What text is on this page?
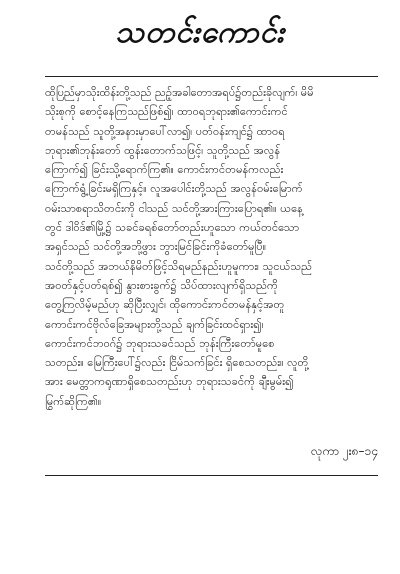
သတင်းကောင်း
ထိုပြည်မှာသိုးထိန်းတို့သည် ညဉ့်အခါတောအရပ်၌တည်းခိုလျက်၊ မိမိ
သိုးစုကို စောင့်နေကြသည်ဖြစ်၍၊ ထာဝရဘုရား၏ကောင်းကင်
တမန်သည် သူတို့အနားမှာပေါ်လာ၍၊ ပတ်ဝန်းကျင်၌ ထာဝရ
ဘုရား၏ဘုန်းတော် ထွန်းတောက်သဖြင့်၊ သူတို့သည် အလွန်
ကြောက်၍ ခြင်းသို့ရောက်ကြ၏။ ကောင်းကင်တမန်ကလည်း
ကြောက်ရွံ့ခြင်းမရှိကြနှင့်။ လူအပေါင်းတို့သည် အလွန်ဝမ်းမြောက်
ဝမ်းသာစရာသိတင်းကို ငါသည် သင်တို့အားကြားပြောရ၏။ ယနေ့
တွင် ဒါဝိဒ်၏မြို့၌ သခင်ခရစ်တော်တည်းဟူသော ကယ်တင်သော
အရှင်သည် သင်တို့အဘို့ဖွား ဘွားမြင်ခြင်းကိုခံတော်မူပြီ။
သင်တို့သည် အဘယ်နိမိတ်ဖြင့်သိရမည်နည်းဟူမူကား၊ သူငယ်သည်
အဝတ်နှင့်ပတ်ရစ်၍ နွားစားခွက်၌ သိပ်ထားလျက်ရှိသည်ကို
တွေ့ကြလိမ့်မည်ဟု ဆိုပြီးလျှင်၊ ထိုကောင်းကင်တမန်နှင့်အတူ
ကောင်းကင်ဗိုလ်ခြေအများတို့သည် ချက်ခြင်းထင်ရှား၍၊
ကောင်းကင်ဘဝဂ်၌ ဘုရားသခင်သည် ဘုန်းကြီးတော်မူစေ
သတည်း။ မြေကြီးပေါ်၌လည်း ငြိမ်သက်ခြင်း ရှိစေသတည်း။ လူတို့
အား မေတ္တာကရုဏာရှိစေသတည်းဟု ဘုရားသခင်ကို ချီးမွမ်း၍
မြွက်ဆိုကြ၏။
လုကာ ၂း၈–၁၄
